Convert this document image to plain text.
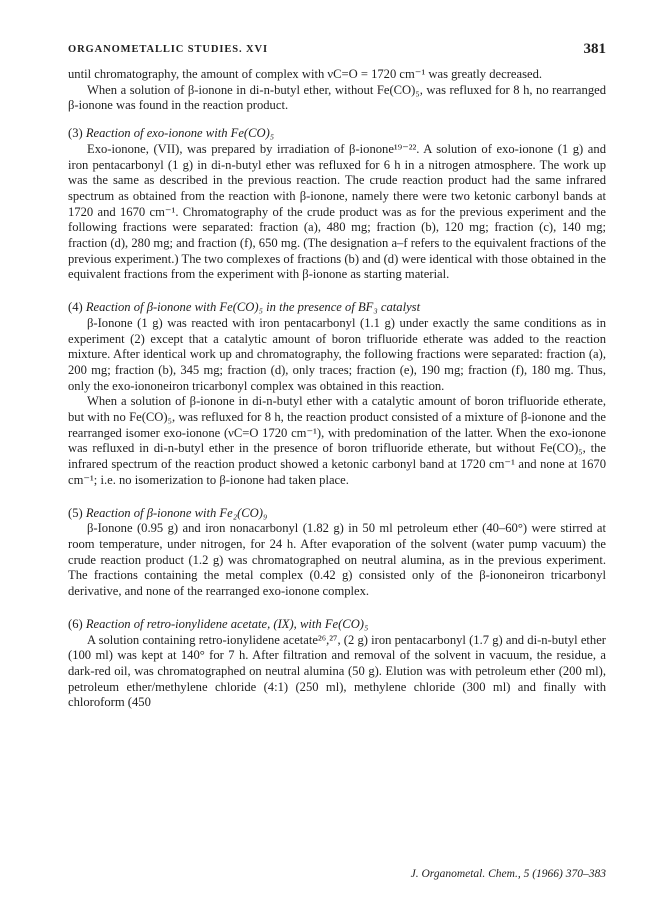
ORGANOMETALLIC STUDIES. XVI	381

until chromatography, the amount of complex with νC=O = 1720 cm⁻¹ was greatly decreased.

When a solution of β-ionone in di-n-butyl ether, without Fe(CO)₅, was refluxed for 8 h, no rearranged β-ionone was found in the reaction product.

(3) Reaction of exo-ionone with Fe(CO)₅

Exo-ionone, (VII), was prepared by irradiation of β-ionone¹⁹⁻²². A solution of exo-ionone (1 g) and iron pentacarbonyl (1 g) in di-n-butyl ether was refluxed for 6 h in a nitrogen atmosphere. The work up was the same as described in the previous reaction. The crude reaction product had the same infrared spectrum as obtained from the reaction with β-ionone, namely there were two ketonic carbonyl bands at 1720 and 1670 cm⁻¹. Chromatography of the crude product was as for the previous experiment and the following fractions were separated: fraction (a), 480 mg; fraction (b), 120 mg; fraction (c), 140 mg; fraction (d), 280 mg; and fraction (f), 650 mg. (The designation a–f refers to the equivalent fractions of the previous experiment.) The two complexes of fractions (b) and (d) were identical with those obtained in the equivalent fractions from the experiment with β-ionone as starting material.

(4) Reaction of β-ionone with Fe(CO)₅ in the presence of BF₃ catalyst

β-Ionone (1 g) was reacted with iron pentacarbonyl (1.1 g) under exactly the same conditions as in experiment (2) except that a catalytic amount of boron trifluoride etherate was added to the reaction mixture. After identical work up and chromatography, the following fractions were separated: fraction (a), 200 mg; fraction (b), 345 mg; fraction (d), only traces; fraction (e), 190 mg; fraction (f), 180 mg. Thus, only the exo-iononeiron tricarbonyl complex was obtained in this reaction.

When a solution of β-ionone in di-n-butyl ether with a catalytic amount of boron trifluoride etherate, but with no Fe(CO)₅, was refluxed for 8 h, the reaction product consisted of a mixture of β-ionone and the rearranged isomer exo-ionone (νC=O 1720 cm⁻¹), with predomination of the latter. When the exo-ionone was refluxed in di-n-butyl ether in the presence of boron trifluoride etherate, but without Fe(CO)₅, the infrared spectrum of the reaction product showed a ketonic carbonyl band at 1720 cm⁻¹ and none at 1670 cm⁻¹; i.e. no isomerization to β-ionone had taken place.

(5) Reaction of β-ionone with Fe₂(CO)₉

β-Ionone (0.95 g) and iron nonacarbonyl (1.82 g) in 50 ml petroleum ether (40–60°) were stirred at room temperature, under nitrogen, for 24 h. After evaporation of the solvent (water pump vacuum) the crude reaction product (1.2 g) was chromatographed on neutral alumina, as in the previous experiment. The fractions containing the metal complex (0.42 g) consisted only of the β-iononeiron tricarbonyl derivative, and none of the rearranged exo-ionone complex.

(6) Reaction of retro-ionylidene acetate, (IX), with Fe(CO)₅

A solution containing retro-ionylidene acetate²⁶,²⁷, (2 g) iron pentacarbonyl (1.7 g) and di-n-butyl ether (100 ml) was kept at 140° for 7 h. After filtration and removal of the solvent in vacuum, the residue, a dark-red oil, was chromatographed on neutral alumina (50 g). Elution was with petroleum ether (200 ml), petroleum ether/methylene chloride (4:1) (250 ml), methylene chloride (300 ml) and finally with chloroform (450

J. Organometal. Chem., 5 (1966) 370–383
